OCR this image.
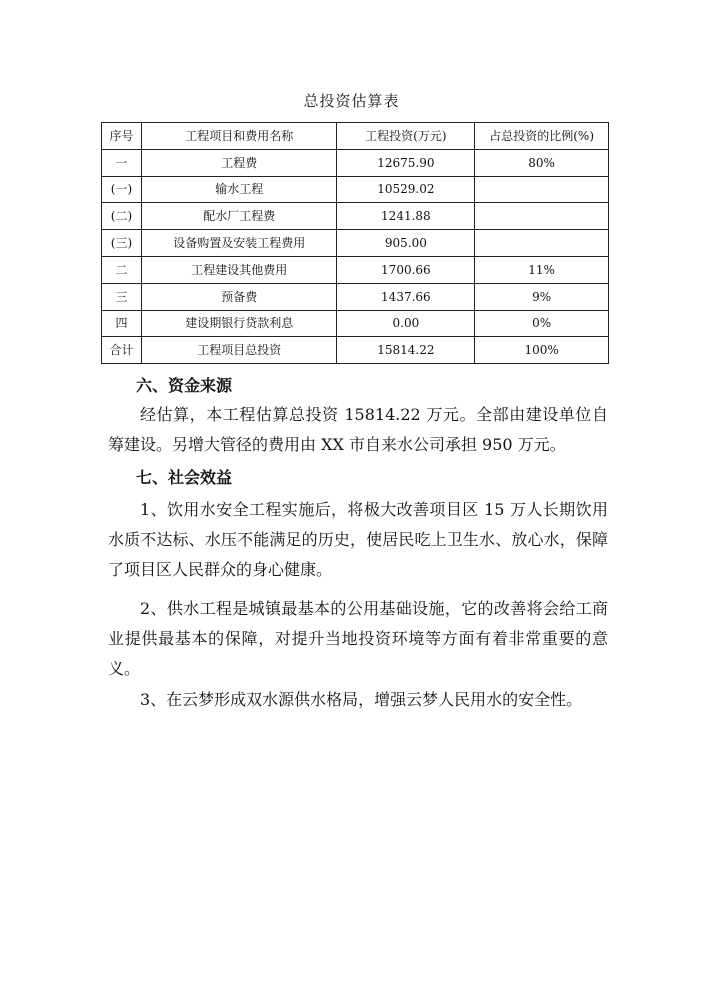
总投资估算表
序号	工程项目和费用名称	工程投资(万元)	占总投资的比例(%)
一	工程费	12675.90	80%
(一)	输水工程	10529.02	
(二)	配水厂工程费	1241.88	
(三)	设备购置及安装工程费用	905.00	
二	工程建设其他费用	1700.66	11%
三	预备费	1437.66	9%
四	建设期银行贷款利息	0.00	0%
合计	工程项目总投资	15814.22	100%
六、资金来源
经估算，本工程估算总投资 15814.22 万元。全部由建设单位自筹建设。另增大管径的费用由 XX 市自来水公司承担 950 万元。
七、社会效益
1、饮用水安全工程实施后，将极大改善项目区 15 万人长期饮用水质不达标、水压不能满足的历史，使居民吃上卫生水、放心水，保障了项目区人民群众的身心健康。
2、供水工程是城镇最基本的公用基础设施，它的改善将会给工商业提供最基本的保障，对提升当地投资环境等方面有着非常重要的意义。
3、在云梦形成双水源供水格局，增强云梦人民用水的安全性。
